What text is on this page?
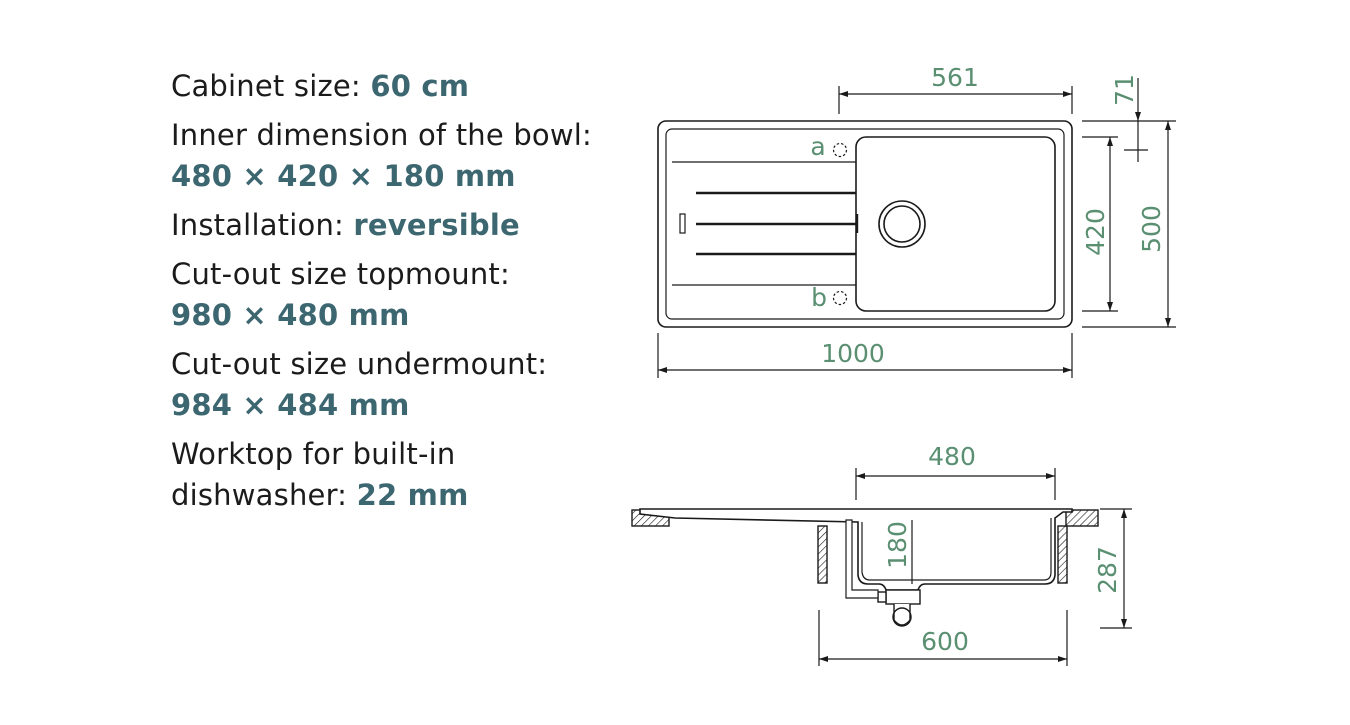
Cabinet size: 60 cm
Inner dimension of the bowl:
480 × 420 × 180 mm
Installation: reversible
Cut-out size topmount:
980 × 480 mm
Cut-out size undermount:
984 × 484 mm
Worktop for built-in
dishwasher: 22 mm
a
b
561	71
420 500
1000
480
180
287
600
